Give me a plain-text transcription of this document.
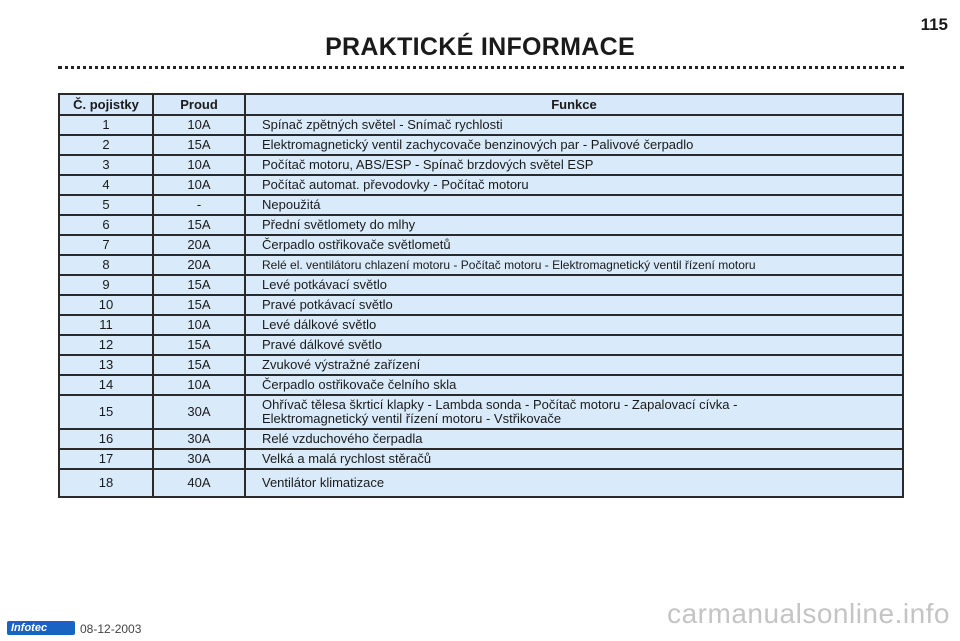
115
PRAKTICKÉ INFORMACE
Č. pojistky	Proud	Funkce
1	10A	Spínač zpětných světel - Snímač rychlosti

2	15A	Elektromagnetický ventil zachycovače benzinových par - Palivové čerpadlo

3	10A	Počítač motoru, ABS/ESP - Spínač brzdových světel ESP

4	10A	Počítač automat. převodovky - Počítač motoru

5	-	Nepoužitá

6	15A	Přední světlomety do mlhy

7	20A	Čerpadlo ostřikovače světlometů

8	20A	Relé el. ventilátoru chlazení motoru - Počítač motoru - Elektromagnetický ventil řízení motoru

9	15A	Levé potkávací světlo

10	15A	Pravé potkávací světlo

11	10A	Levé dálkové světlo

12	15A	Pravé dálkové světlo

13	15A	Zvukové výstražné zařízení

14	10A	Čerpadlo ostřikovače čelního skla

15	30A	Ohřívač tělesa škrticí klapky - Lambda sonda - Počítač motoru - Zapalovací cívka -
Elektromagnetický ventil řízení motoru - Vstřikovače

16	30A	Relé vzduchového čerpadla

17	30A	Velká a malá rychlost stěračů

18	40A	Ventilátor klimatizace
Infotec	08-12-2003	carmanualsonline.info
